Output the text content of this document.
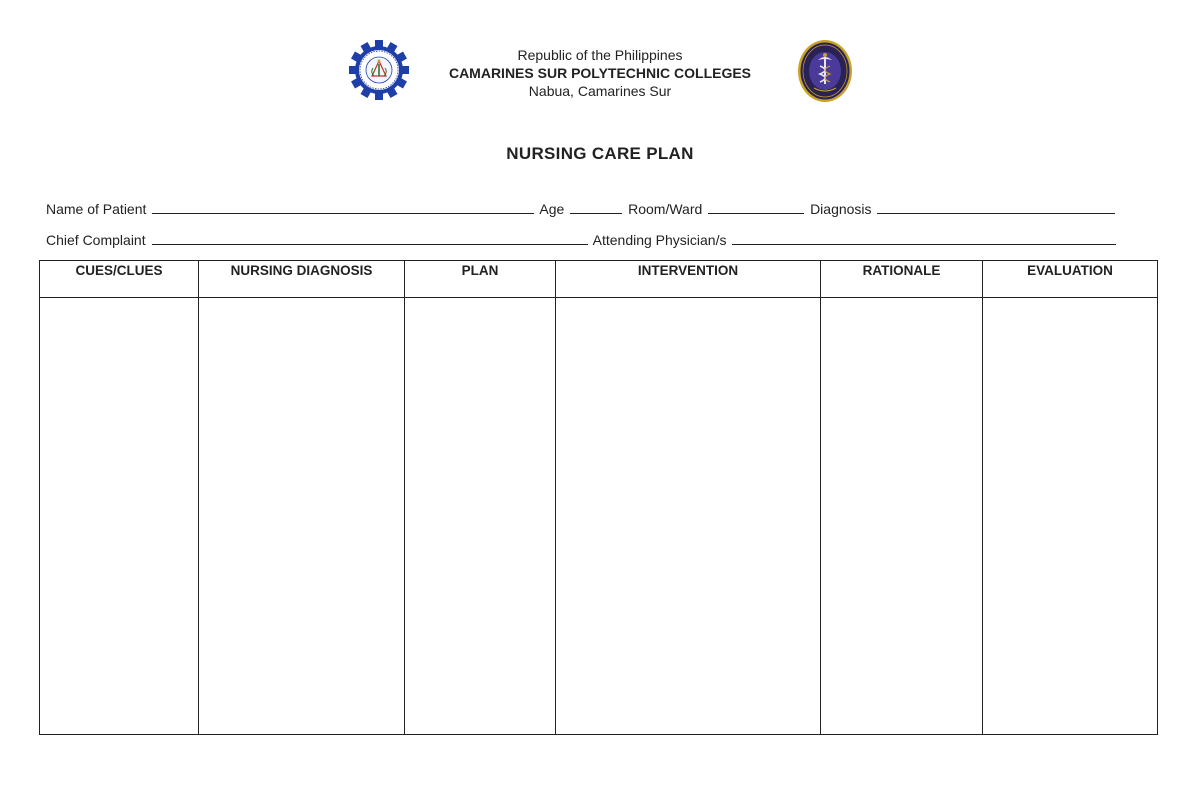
Republic of the Philippines
CAMARINES SUR POLYTECHNIC COLLEGES
Nabua, Camarines Sur
NURSING CARE PLAN
Name of Patient	Age	Room/Ward	Diagnosis
Chief Complaint	Attending Physician/s
CUES/CLUES	NURSING DIAGNOSIS	PLAN	INTERVENTION	RATIONALE	EVALUATION
